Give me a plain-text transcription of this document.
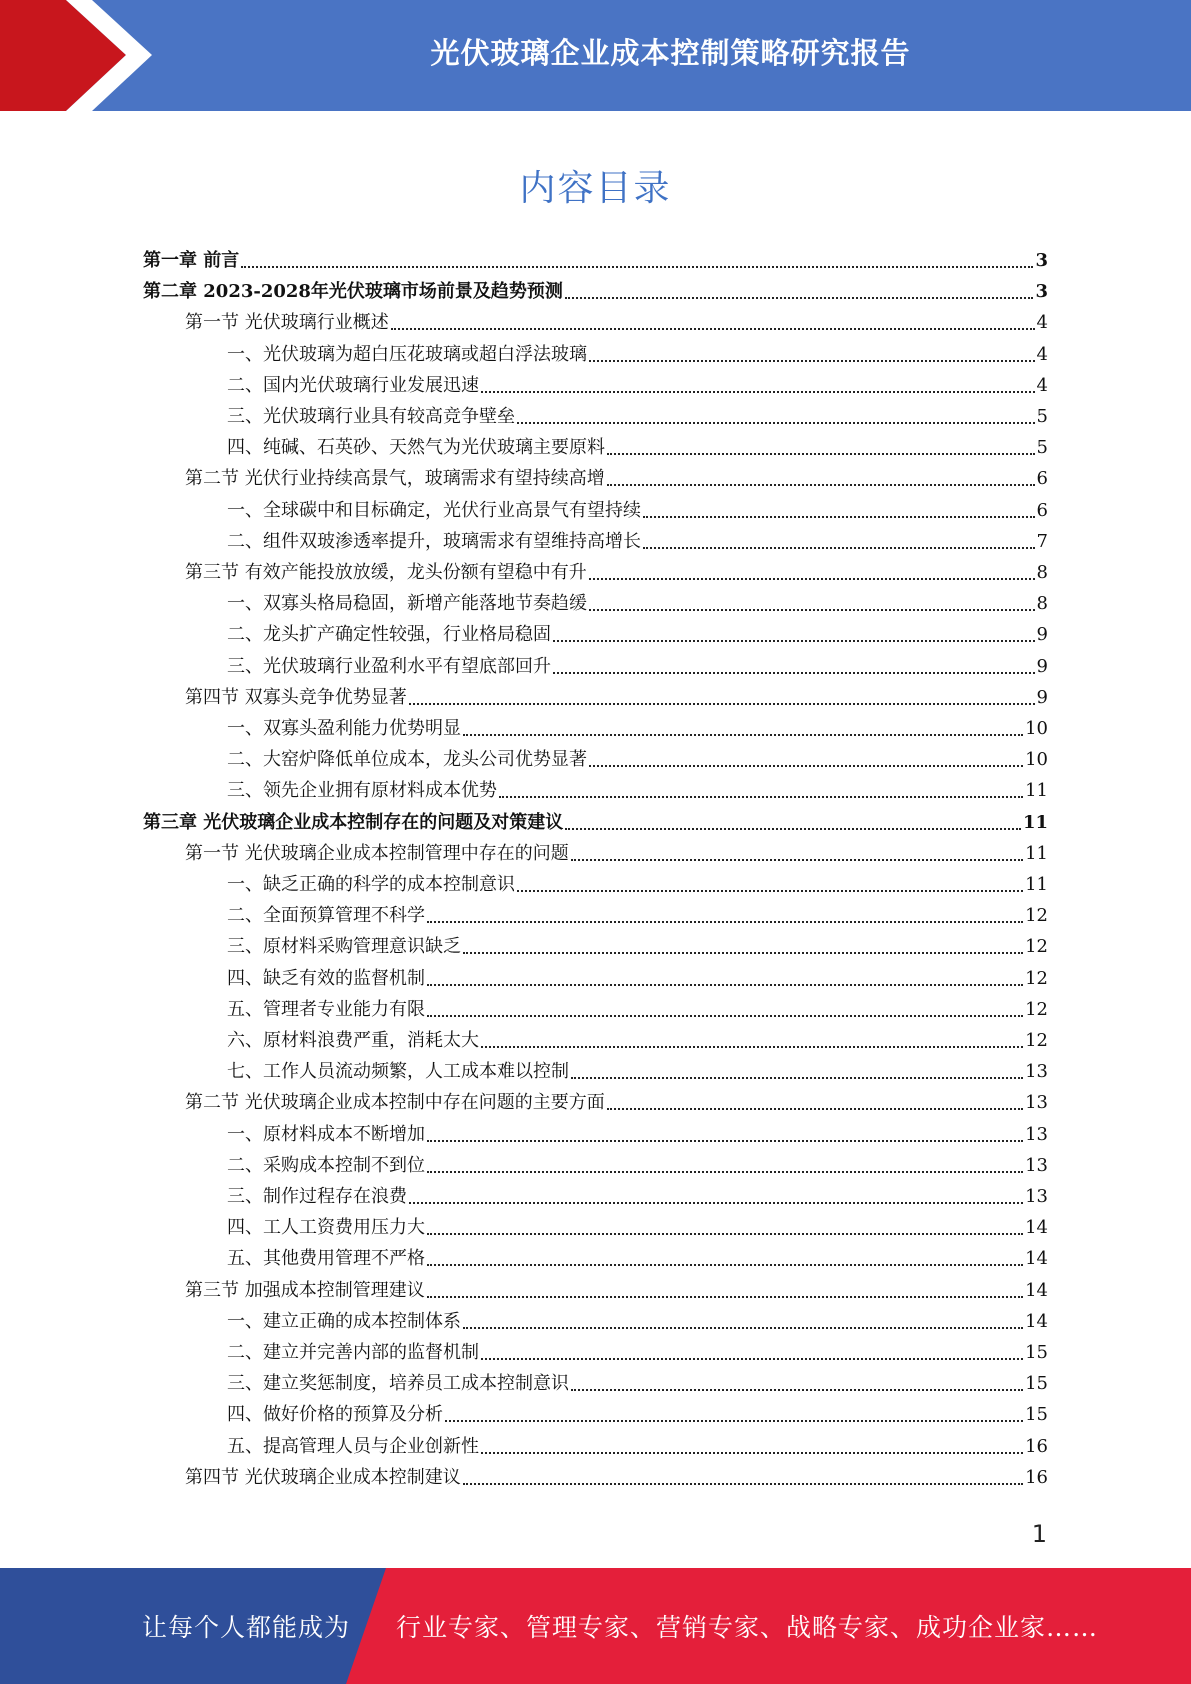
光伏玻璃企业成本控制策略研究报告
内容目录
第一章 前言	3
第二章 2023-2028年光伏玻璃市场前景及趋势预测	3
第一节 光伏玻璃行业概述	4
一、光伏玻璃为超白压花玻璃或超白浮法玻璃	4
二、国内光伏玻璃行业发展迅速	4
三、光伏玻璃行业具有较高竞争壁垒	5
四、纯碱、石英砂、天然气为光伏玻璃主要原料	5
第二节 光伏行业持续高景气，玻璃需求有望持续高增	6
一、全球碳中和目标确定，光伏行业高景气有望持续	6
二、组件双玻渗透率提升，玻璃需求有望维持高增长	7
第三节 有效产能投放放缓，龙头份额有望稳中有升	8
一、双寡头格局稳固，新增产能落地节奏趋缓	8
二、龙头扩产确定性较强，行业格局稳固	9
三、光伏玻璃行业盈利水平有望底部回升	9
第四节 双寡头竞争优势显著	9
一、双寡头盈利能力优势明显	10
二、大窑炉降低单位成本，龙头公司优势显著	10
三、领先企业拥有原材料成本优势	11
第三章 光伏玻璃企业成本控制存在的问题及对策建议	11
第一节 光伏玻璃企业成本控制管理中存在的问题	11
一、缺乏正确的科学的成本控制意识	11
二、全面预算管理不科学	12
三、原材料采购管理意识缺乏	12
四、缺乏有效的监督机制	12
五、管理者专业能力有限	12
六、原材料浪费严重，消耗太大	12
七、工作人员流动频繁，人工成本难以控制	13
第二节 光伏玻璃企业成本控制中存在问题的主要方面	13
一、原材料成本不断增加	13
二、采购成本控制不到位	13
三、制作过程存在浪费	13
四、工人工资费用压力大	14
五、其他费用管理不严格	14
第三节 加强成本控制管理建议	14
一、建立正确的成本控制体系	14
二、建立并完善内部的监督机制	15
三、建立奖惩制度，培养员工成本控制意识	15
四、做好价格的预算及分析	15
五、提高管理人员与企业创新性	16
第四节 光伏玻璃企业成本控制建议	16
1
让每个人都能成为 行业专家、管理专家、营销专家、战略专家、成功企业家……
